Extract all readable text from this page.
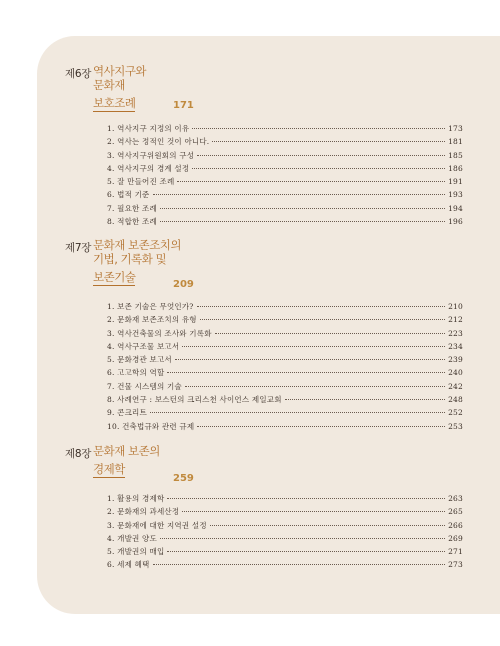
제6장 역사지구와
문화재
보호조례	171
1. 역사지구 지정의 이유	173
2. 역사는 정적인 것이 아니다.	181
3. 역사지구위원회의 구성	185
4. 역사지구의 경계 설정	186
5. 잘 만들어진 조례	191
6. 법적 기준	193
7. 필요한 조례	194
8. 적합한 조례	196
제7장 문화재 보존조치의
기법, 기록화 및
보존기술
209
1. 보존 기술은 무엇인가?	210
2. 문화재 보존조치의 유형	212
3. 역사건축물의 조사와 기록화	223
4. 역사구조물 보고서	234
5. 문화경관 보고서	239
6. 고고학의 역할	240
7. 건물 시스템의 기술	242
8. 사례연구 : 보스턴의 크리스천 사이언스 제일교회	248
9. 콘크리트	252
10. 건축법규와 관련 규제	253
제8장 문화재 보존의
경제학
259
1. 활용의 경제학	263
2. 문화재의 과세산정	265
3. 문화재에 대한 지역권 설정	266
4. 개발권 양도	269
5. 개발권의 매입	271
6. 세제 혜택	273
